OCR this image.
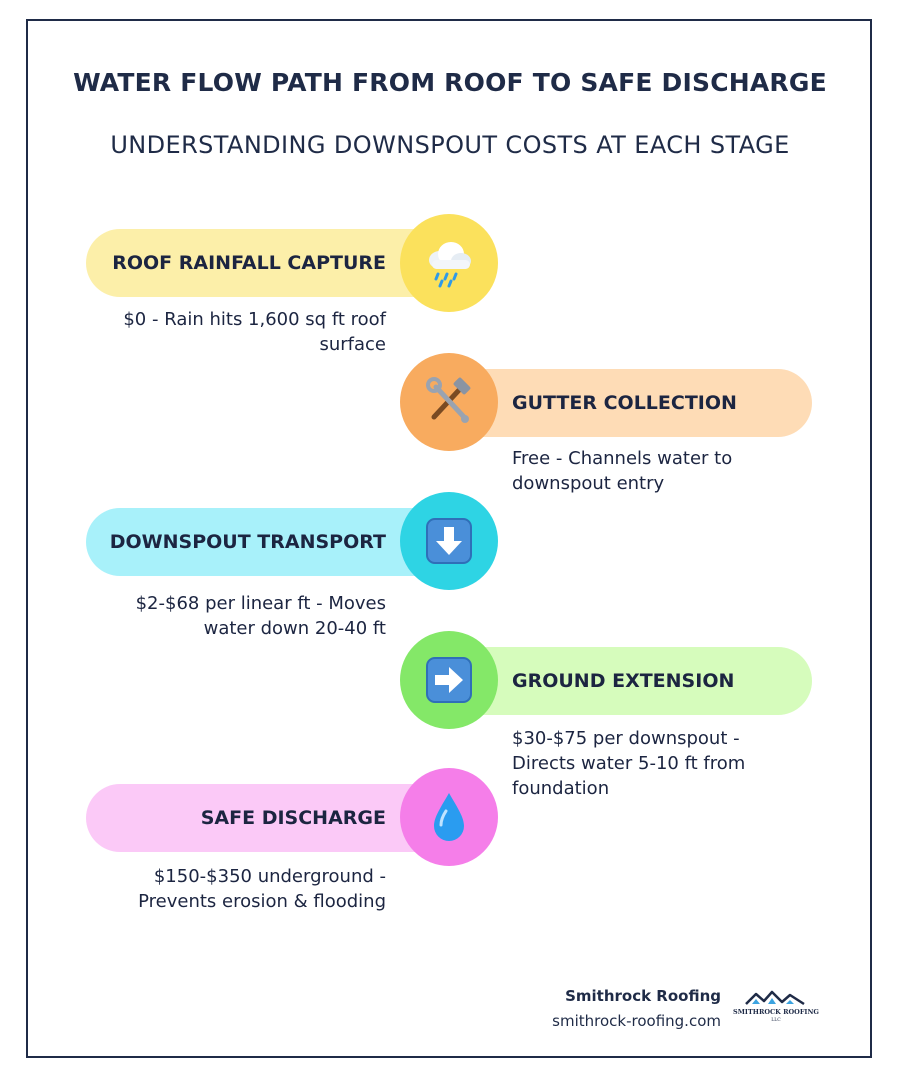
WATER FLOW PATH FROM ROOF TO SAFE DISCHARGE
UNDERSTANDING DOWNSPOUT COSTS AT EACH STAGE
ROOF RAINFALL CAPTURE
$0 - Rain hits 1,600 sq ft roof surface
GUTTER COLLECTION
Free - Channels water to downspout entry
DOWNSPOUT TRANSPORT
$2-$68 per linear ft - Moves water down 20-40 ft
GROUND EXTENSION
$30-$75 per downspout - Directs water 5-10 ft from foundation
SAFE DISCHARGE
$150-$350 underground - Prevents erosion & flooding
Smithrock Roofing
smithrock-roofing.com SMITHROCK ROOFING
LLC
